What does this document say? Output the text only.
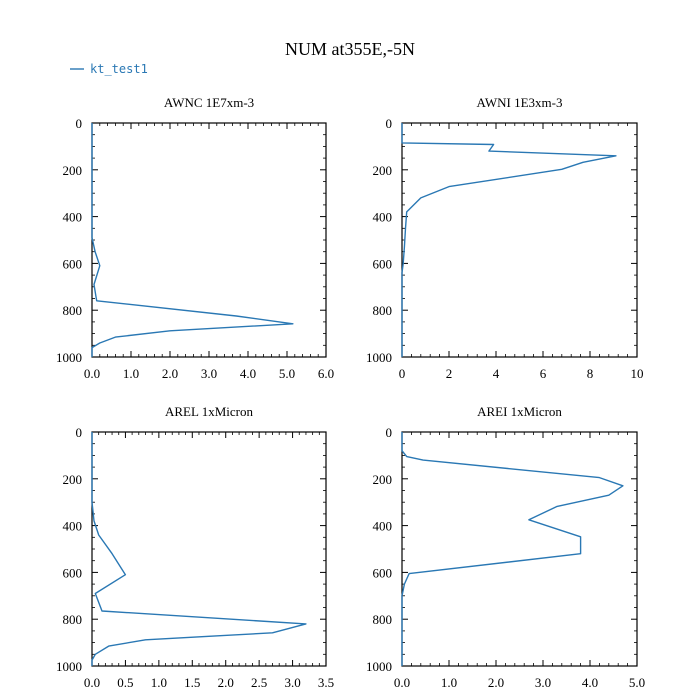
NUM at355E,-5N
kt_test1
AWNC 1E7xm-3
0.0 1.0 2.0 3.0 4.0 5.0 6.0
0
200
400
600
800
1000
AWNI 1E3xm-3
0	2	4	6	8	10
0
200
400
600
800
1000
AREL 1xMicron
0.0 0.5 1.0 1.5 2.0 2.5 3.0 3.5
0
200
400
600
800
1000
AREI 1xMicron
0.0 1.0 2.0 3.0 4.0 5.0
0
200
400
600
800
1000
